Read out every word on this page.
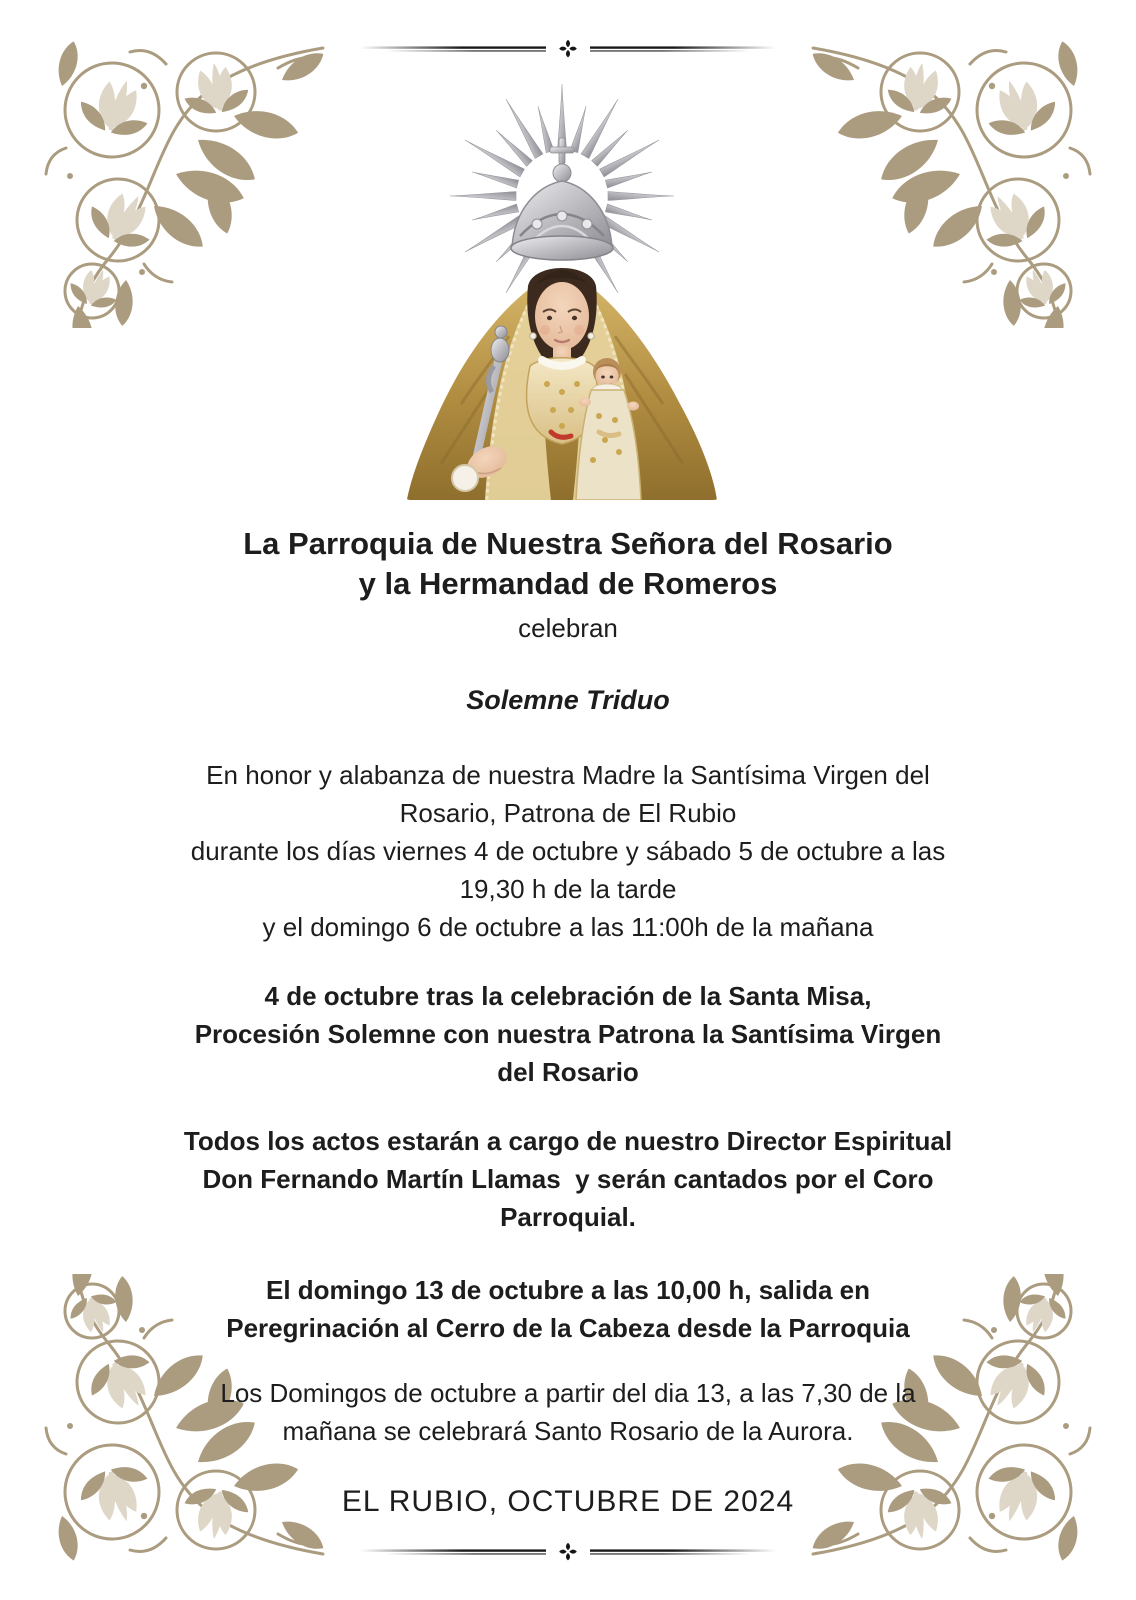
La Parroquia de Nuestra Señora del Rosario
y la Hermandad de Romeros
celebran
Solemne Triduo
En honor y alabanza de nuestra Madre la Santísima Virgen del
Rosario, Patrona de El Rubio
durante los días viernes 4 de octubre y sábado 5 de octubre a las
19,30 h de la tarde
y el domingo 6 de octubre a las 11:00h de la mañana
4 de octubre tras la celebración de la Santa Misa,
Procesión Solemne con nuestra Patrona la Santísima Virgen
del Rosario
Todos los actos estarán a cargo de nuestro Director Espiritual
Don Fernando Martín Llamas  y serán cantados por el Coro
Parroquial.
El domingo 13 de octubre a las 10,00 h, salida en
Peregrinación al Cerro de la Cabeza desde la Parroquia
Los Domingos de octubre a partir del dia 13, a las 7,30 de la
mañana se celebrará Santo Rosario de la Aurora.
EL RUBIO, OCTUBRE DE 2024
